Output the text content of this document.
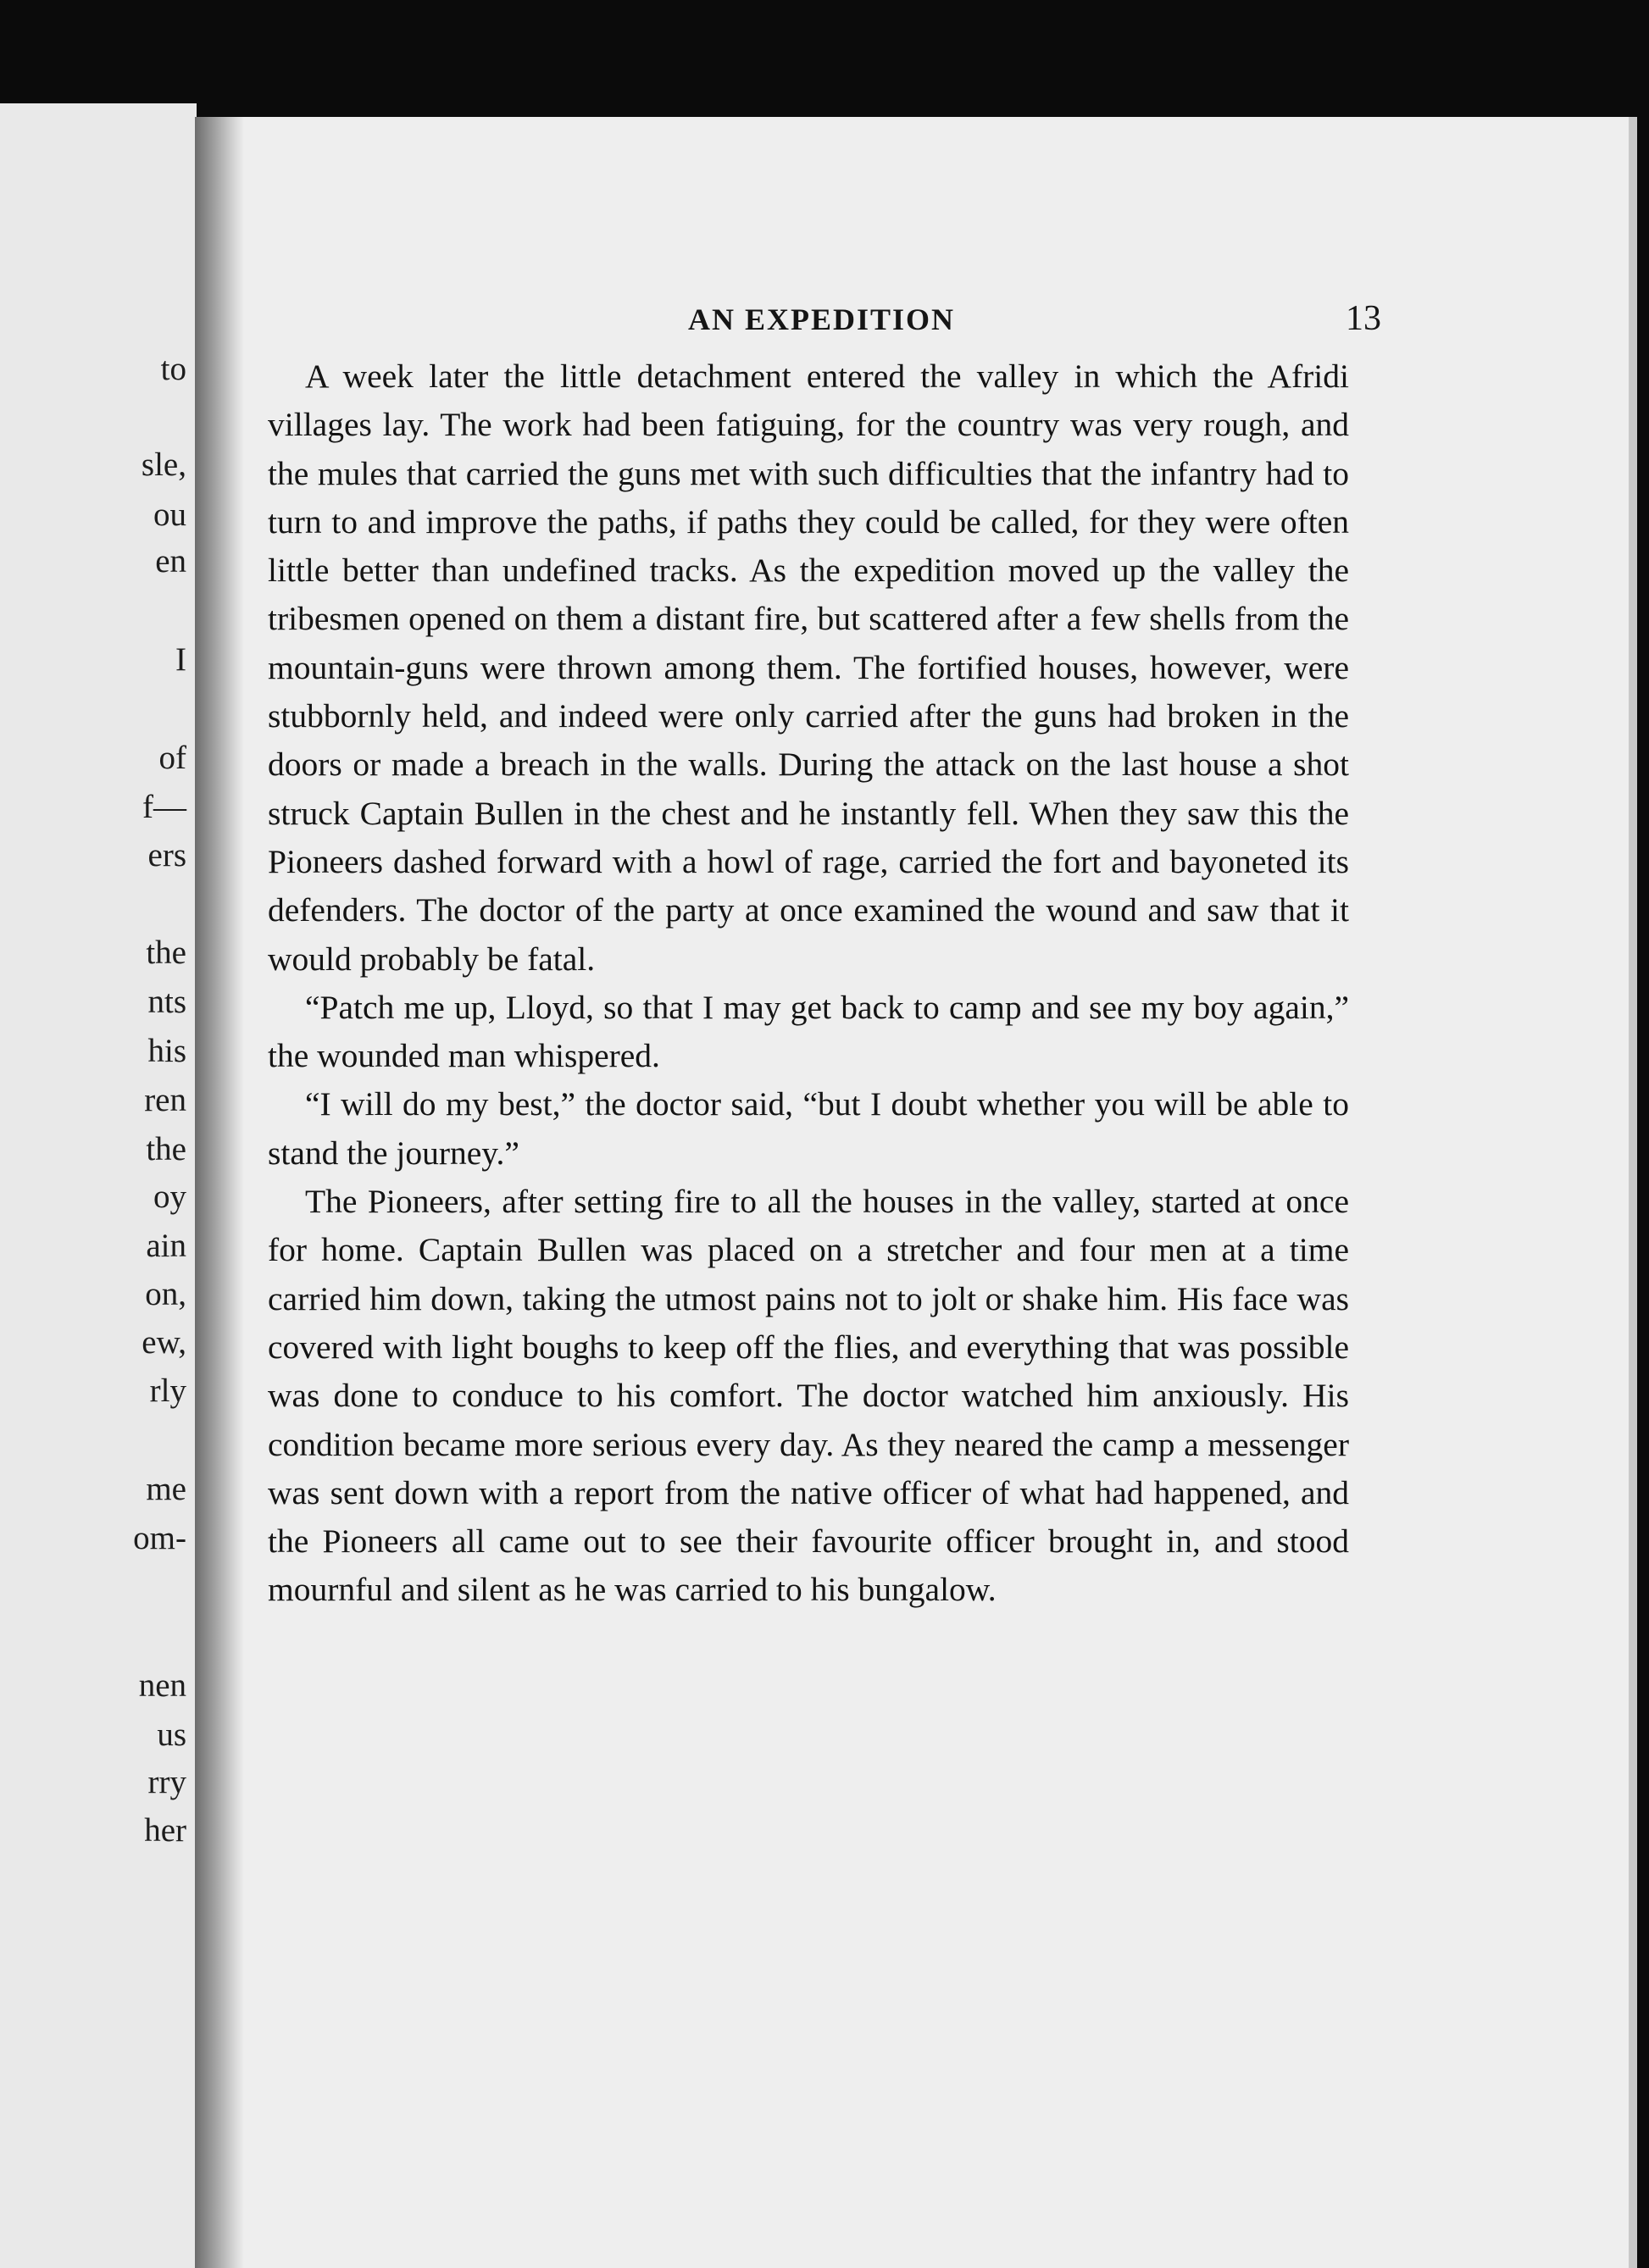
to
sle,
ou
en
I
of
f—
ers
the
nts
his
ren
the
oy
ain
on,
ew,
rly
me
om-
nen
us
rry
her
AN EXPEDITION	13

A week later the little detachment entered the valley in which the Afridi villages lay. The work had been fatiguing, for the country was very rough, and the mules that carried the guns met with such difficulties that the infantry had to turn to and improve the paths, if paths they could be called, for they were often little better than undefined tracks. As the expedition moved up the valley the tribesmen opened on them a distant fire, but scattered after a few shells from the mountain-guns were thrown among them. The fortified houses, however, were stubbornly held, and indeed were only carried after the guns had broken in the doors or made a breach in the walls. During the attack on the last house a shot struck Captain Bullen in the chest and he instantly fell. When they saw this the Pioneers dashed forward with a howl of rage, carried the fort and bayoneted its defenders. The doctor of the party at once examined the wound and saw that it would probably be fatal.

“Patch me up, Lloyd, so that I may get back to camp and see my boy again,” the wounded man whispered.

“I will do my best,” the doctor said, “but I doubt whether you will be able to stand the journey.”

The Pioneers, after setting fire to all the houses in the valley, started at once for home. Captain Bullen was placed on a stretcher and four men at a time carried him down, taking the utmost pains not to jolt or shake him. His face was covered with light boughs to keep off the flies, and everything that was possible was done to conduce to his comfort. The doctor watched him anxiously. His condition became more serious every day. As they neared the camp a messenger was sent down with a report from the native officer of what had happened, and the Pioneers all came out to see their favourite officer brought in, and stood mournful and silent as he was carried to his bungalow.
